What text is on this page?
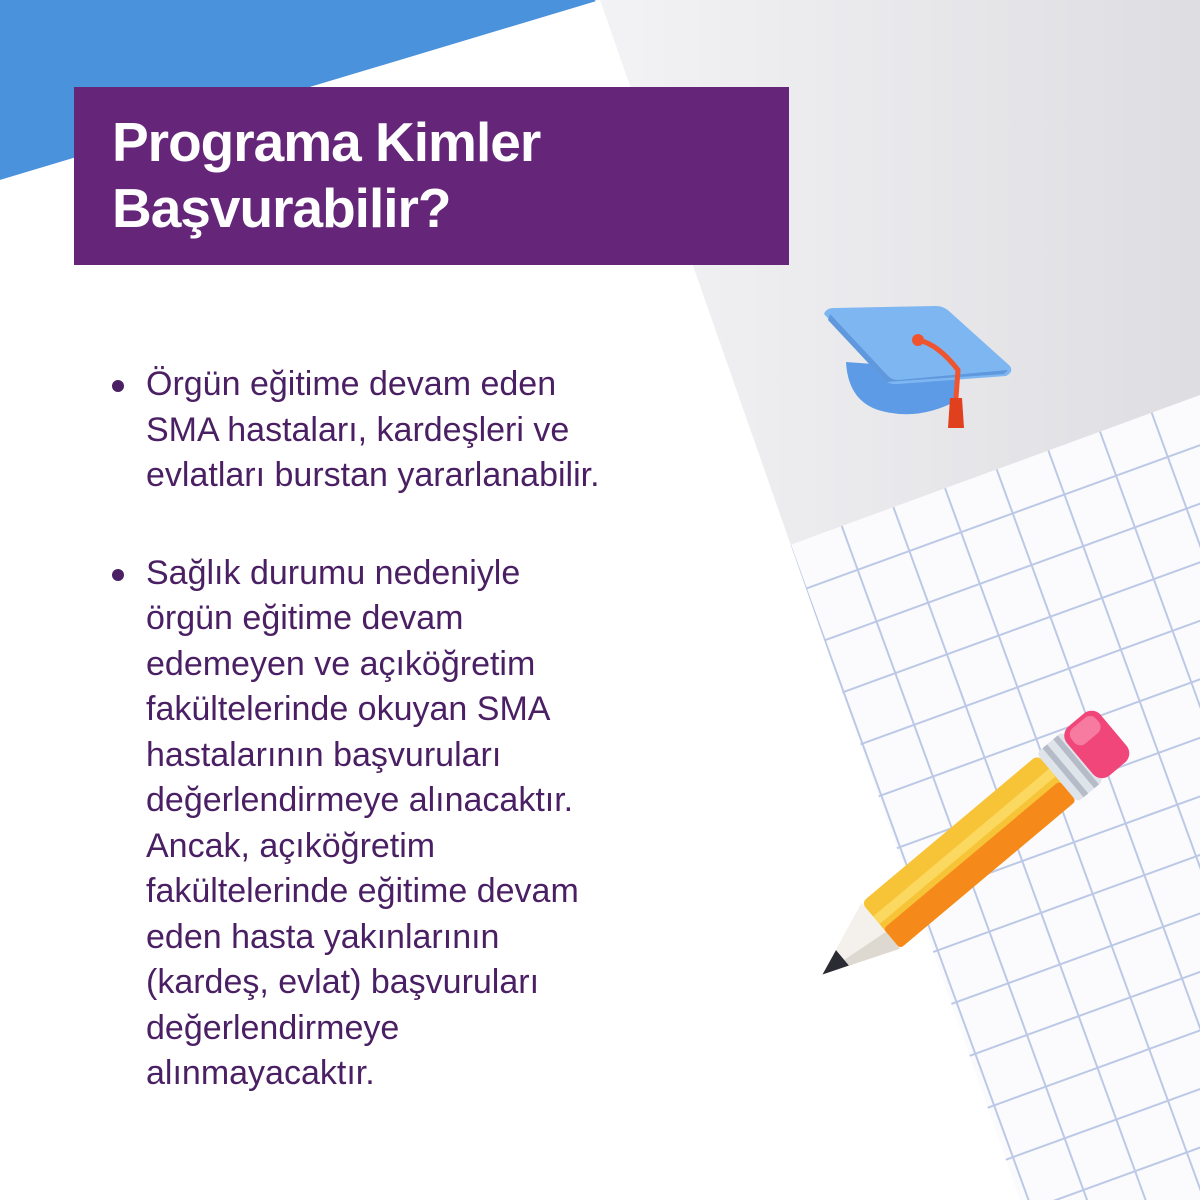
Programa Kimler
Başvurabilir?
Örgün eğitime devam eden
SMA hastaları, kardeşleri ve
evlatları burstan yararlanabilir.
Sağlık durumu nedeniyle
örgün eğitime devam
edemeyen ve açıköğretim
fakültelerinde okuyan SMA
hastalarının başvuruları
değerlendirmeye alınacaktır.
Ancak, açıköğretim
fakültelerinde eğitime devam
eden hasta yakınlarının
(kardeş, evlat) başvuruları
değerlendirmeye
alınmayacaktır.
